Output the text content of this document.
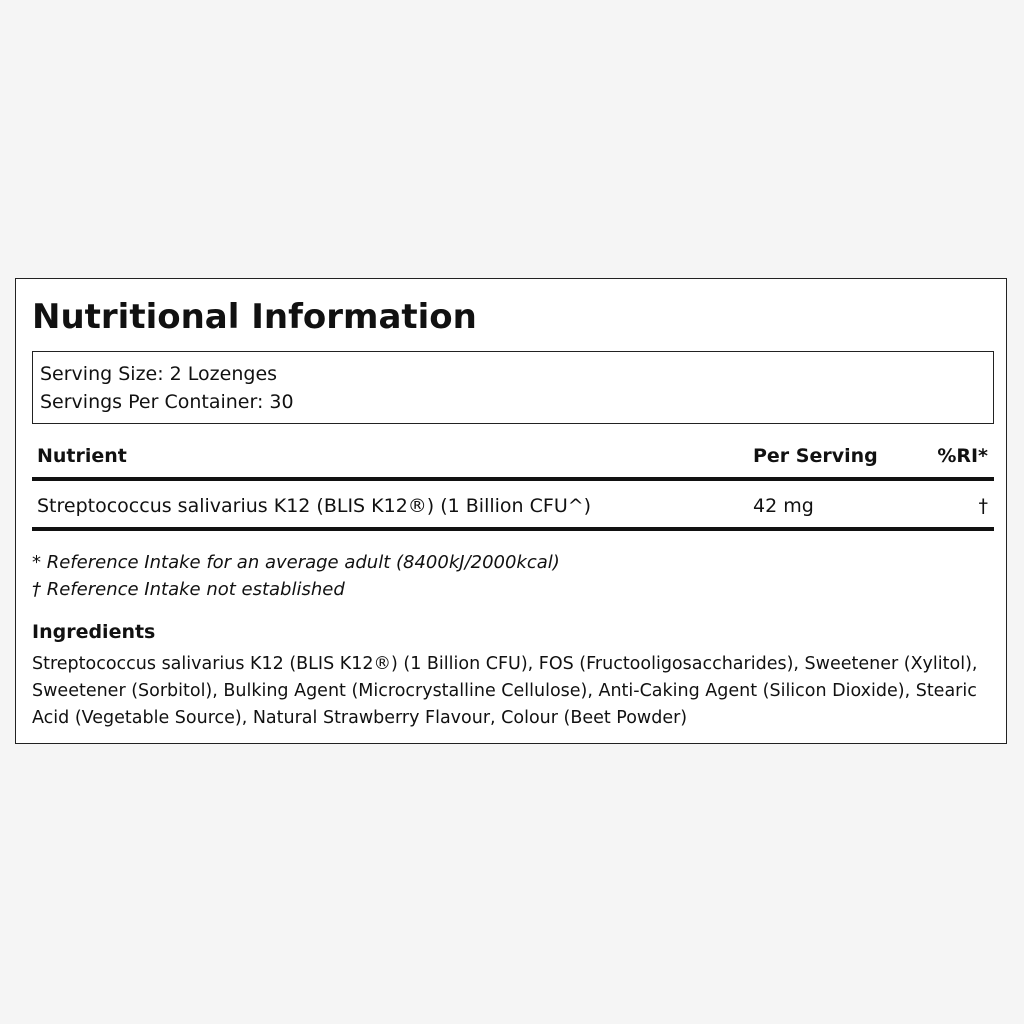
Nutritional Information
Serving Size: 2 Lozenges
Servings Per Container: 30
Nutrient	Per Serving	%RI*
Streptococcus salivarius K12 (BLIS K12®) (1 Billion CFU^)	42 mg	†
* Reference Intake for an average adult (8400kJ/2000kcal)
† Reference Intake not established
Ingredients
Streptococcus salivarius K12 (BLIS K12®) (1 Billion CFU), FOS (Fructooligosaccharides), Sweetener (Xylitol), Sweetener (Sorbitol), Bulking Agent (Microcrystalline Cellulose), Anti-Caking Agent (Silicon Dioxide), Stearic Acid (Vegetable Source), Natural Strawberry Flavour, Colour (Beet Powder)
